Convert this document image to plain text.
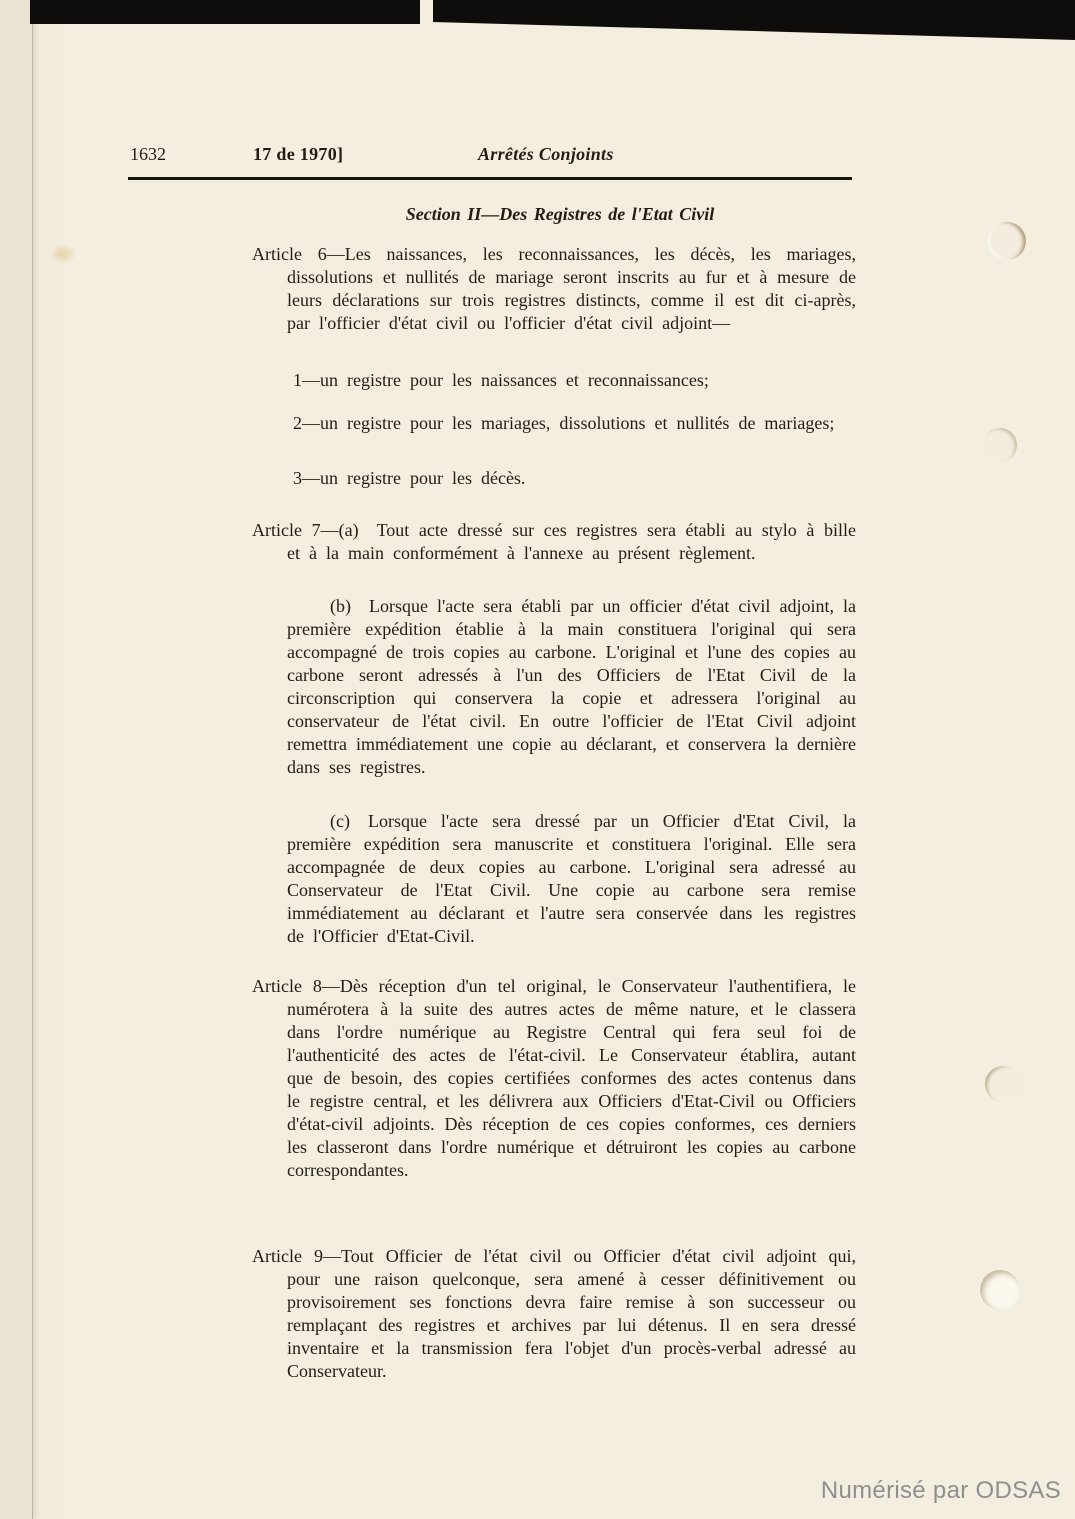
1632	17 de 1970]	Arrêtés Conjoints
Section II—Des Registres de l'Etat Civil

Article 6—Les naissances, les reconnaissances, les décès, les mariages, dissolutions et nullités de mariage seront inscrits au fur et à mesure de leurs déclarations sur trois registres distincts, comme il est dit ci-après, par l'officier d'état civil ou l'officier d'état civil adjoint—

1—un registre pour les naissances et reconnaissances;

2—un registre pour les mariages, dissolutions et nullités de mariages;

3—un registre pour les décès.

Article 7—(a) Tout acte dressé sur ces registres sera établi au stylo à bille et à la main conformément à l'annexe au présent règlement.

(b) Lorsque l'acte sera établi par un officier d'état civil adjoint, la première expédition établie à la main constituera l'original qui sera accompagné de trois copies au carbone. L'original et l'une des copies au carbone seront adressés à l'un des Officiers de l'Etat Civil de la circonscription qui conservera la copie et adressera l'original au conservateur de l'état civil. En outre l'officier de l'Etat Civil adjoint remettra immédiatement une copie au déclarant, et conservera la dernière dans ses registres.

(c) Lorsque l'acte sera dressé par un Officier d'Etat Civil, la première expédition sera manuscrite et constituera l'original. Elle sera accompagnée de deux copies au carbone. L'original sera adressé au Conservateur de l'Etat Civil. Une copie au carbone sera remise immédiatement au déclarant et l'autre sera conservée dans les registres de l'Officier d'Etat-Civil.

Article 8—Dès réception d'un tel original, le Conservateur l'authentifiera, le numérotera à la suite des autres actes de même nature, et le classera dans l'ordre numérique au Registre Central qui fera seul foi de l'authenticité des actes de l'état-civil. Le Conservateur établira, autant que de besoin, des copies certifiées conformes des actes contenus dans le registre central, et les délivrera aux Officiers d'Etat-Civil ou Officiers d'état-civil adjoints. Dès réception de ces copies conformes, ces derniers les classeront dans l'ordre numérique et détruiront les copies au carbone correspondantes.

Article 9—Tout Officier de l'état civil ou Officier d'état civil adjoint qui, pour une raison quelconque, sera amené à cesser définitivement ou provisoirement ses fonctions devra faire remise à son successeur ou remplaçant des registres et archives par lui détenus. Il en sera dressé inventaire et la transmission fera l'objet d'un procès-verbal adressé au Conservateur.

Numérisé par ODSAS
